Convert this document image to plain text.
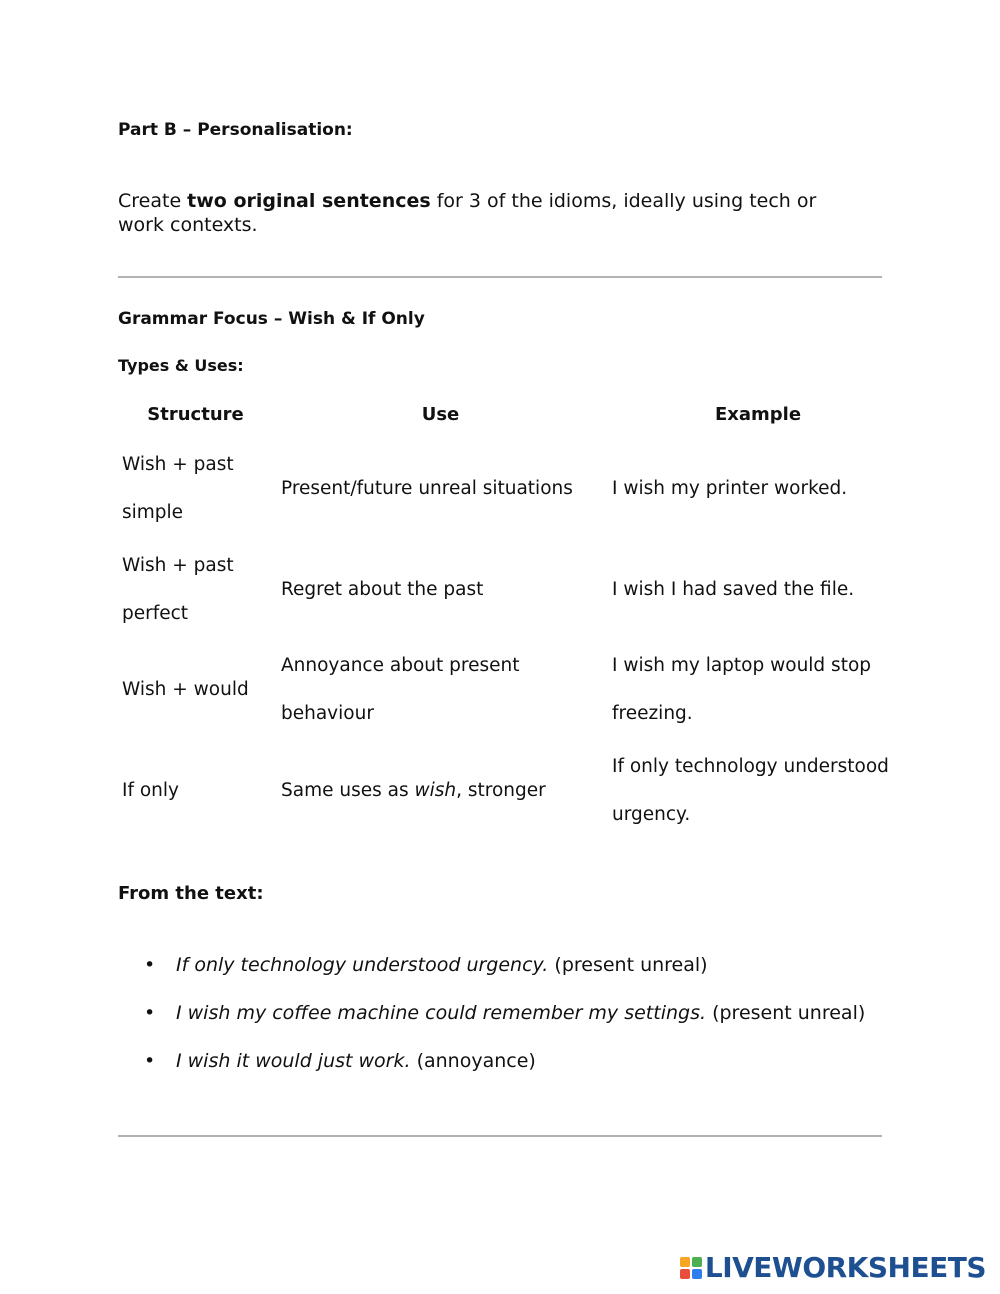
Part B – Personalisation:
Create two original sentences for 3 of the idioms, ideally using tech or work contexts.
Grammar Focus – Wish & If Only
Types & Uses:
Structure	Use	Example
Wish + past simple	Present/future unreal situations	I wish my printer worked.
Wish + past perfect	Regret about the past	I wish I had saved the file.
Wish + would	Annoyance about present behaviour	I wish my laptop would stop freezing.
If only	Same uses as wish, stronger	If only technology understood urgency.
From the text:
• If only technology understood urgency. (present unreal)
• I wish my coffee machine could remember my settings. (present unreal)
• I wish it would just work. (annoyance)
LIVEWORKSHEETS
